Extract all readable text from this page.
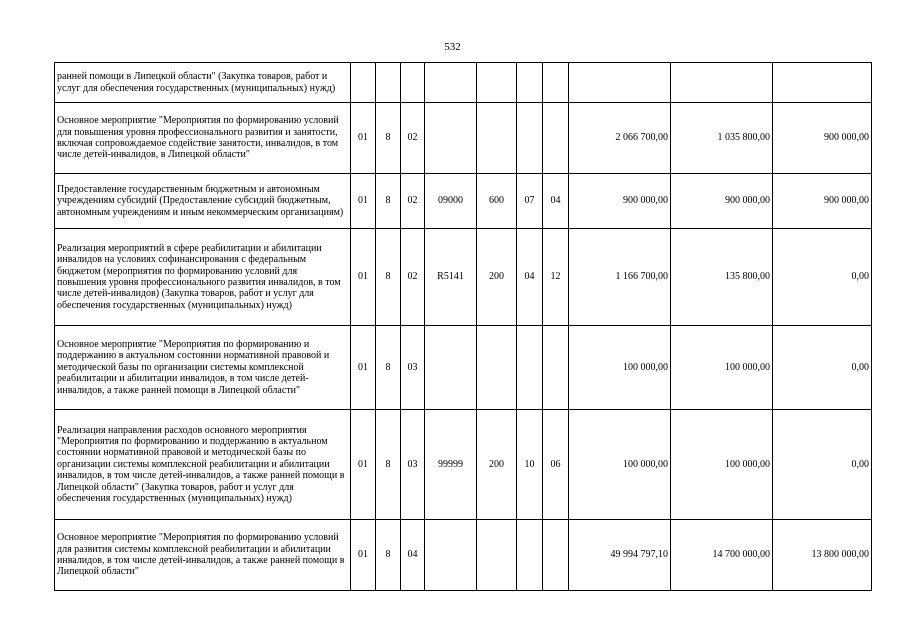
532
ранней помощи в Липецкой области" (Закупка товаров, работ и услуг для обеспечения государственных (муниципальных) нужд)										
Основное мероприятие "Мероприятия по формированию условий для повышения уровня профессионального развития и занятости, включая сопровождаемое содействие занятости, инвалидов, в том числе детей-инвалидов, в Липецкой области"	01	8	02					2 066 700,00	1 035 800,00	900 000,00
Предоставление государственным бюджетным и автономным учреждениям субсидий (Предоставление субсидий бюджетным, автономным учреждениям и иным некоммерческим организациям)	01	8	02	09000	600	07	04	900 000,00	900 000,00	900 000,00
Реализация мероприятий в сфере реабилитации и абилитации инвалидов на условиях софинансирования с федеральным бюджетом (мероприятия по формированию условий для повышения уровня профессионального развития инвалидов, в том числе детей-инвалидов) (Закупка товаров, работ и услуг для обеспечения государственных (муниципальных) нужд)	01	8	02	R5141	200	04	12	1 166 700,00	135 800,00	0,00
Основное мероприятие "Мероприятия по формированию и поддержанию в актуальном состоянии нормативной правовой и методической базы по организации системы комплексной реабилитации и абилитации инвалидов, в том числе детей-инвалидов, а также ранней помощи в Липецкой области"	01	8	03					100 000,00	100 000,00	0,00
Реализация направления расходов основного мероприятия "Мероприятия по формированию и поддержанию в актуальном состоянии нормативной правовой и методической базы по организации системы комплексной реабилитации и абилитации инвалидов, в том числе детей-инвалидов, а также ранней помощи в Липецкой области" (Закупка товаров, работ и услуг для обеспечения государственных (муниципальных) нужд)	01	8	03	99999	200	10	06	100 000,00	100 000,00	0,00
Основное мероприятие "Мероприятия по формированию условий для развития системы комплексной реабилитации и абилитации инвалидов, в том числе детей-инвалидов, а также ранней помощи в Липецкой области"	01	8	04					49 994 797,10	14 700 000,00	13 800 000,00
